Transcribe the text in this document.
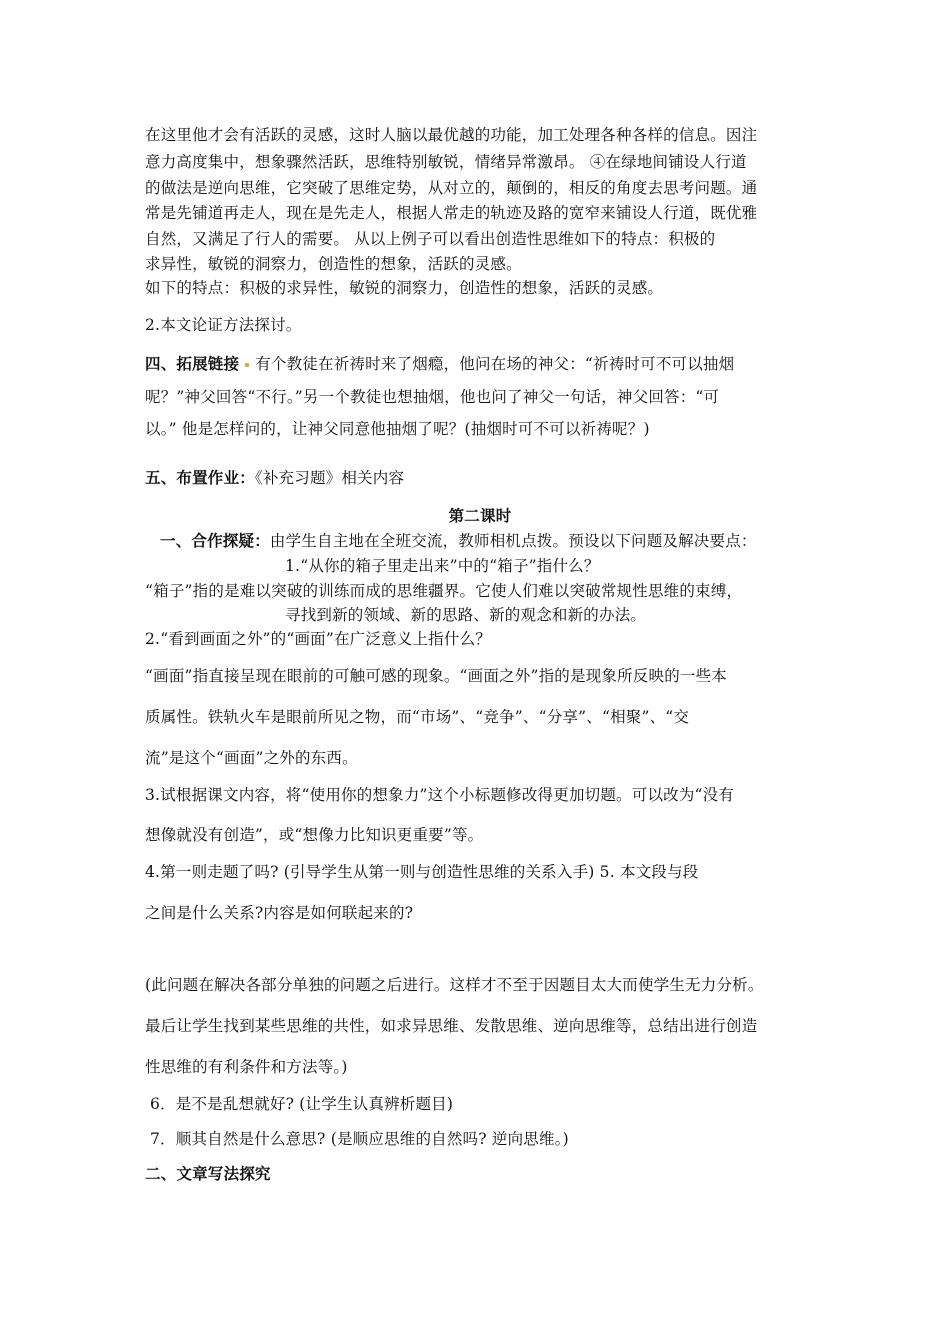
在这里他才会有活跃的灵感，这时人脑以最优越的功能，加工处理各种各样的信息。因注
意力高度集中，想象骤然活跃，思维特别敏锐，情绪异常激昂。 ④在绿地间铺设人行道
的做法是逆向思维，它突破了思维定势，从对立的，颠倒的，相反的角度去思考问题。通
常是先铺道再走人，现在是先走人，根据人常走的轨迹及路的宽窄来铺设人行道，既优雅
自然，又满足了行人的需要。 从以上例子可以看出创造性思维如下的特点：积极的
求异性，敏锐的洞察力，创造性的想象，活跃的灵感。
如下的特点：积极的求异性，敏锐的洞察力，创造性的想象，活跃的灵感。
2.本文论证方法探讨。
四、拓展链接 有个教徒在祈祷时来了烟瘾，他问在场的神父：“祈祷时可不可以抽烟
呢？”神父回答“不行。”另一个教徒也想抽烟，他也问了神父一句话，神父回答：“可
以。” 他是怎样问的，让神父同意他抽烟了呢？(抽烟时可不可以祈祷呢？)
五、布置作业：《补充习题》相关内容
第二课时
一、合作探疑：由学生自主地在全班交流，教师相机点拨。预设以下问题及解决要点：
1.“从你的箱子里走出来”中的“箱子”指什么？
“箱子”指的是难以突破的训练而成的思维疆界。它使人们难以突破常规性思维的束缚，
寻找到新的领域、新的思路、新的观念和新的办法。
2.“看到画面之外”的“画面”在广泛意义上指什么？
“画面”指直接呈现在眼前的可触可感的现象。“画面之外”指的是现象所反映的一些本
质属性。铁轨火车是眼前所见之物，而“市场”、“竞争”、“分享”、“相聚”、“交
流”是这个“画面”之外的东西。
3.试根据课文内容，将“使用你的想象力”这个小标题修改得更加切题。可以改为“没有
想像就没有创造”，或“想像力比知识更重要”等。
4.第一则走题了吗? (引导学生从第一则与创造性思维的关系入手) 5. 本文段与段
之间是什么关系?内容是如何联起来的?
(此问题在解决各部分单独的问题之后进行。这样才不至于因题目太大而使学生无力分析。
最后让学生找到某些思维的共性，如求异思维、发散思维、逆向思维等，总结出进行创造
性思维的有利条件和方法等。)
6．是不是乱想就好? (让学生认真辨析题目)
7．顺其自然是什么意思? (是顺应思维的自然吗? 逆向思维。)
二、文章写法探究
